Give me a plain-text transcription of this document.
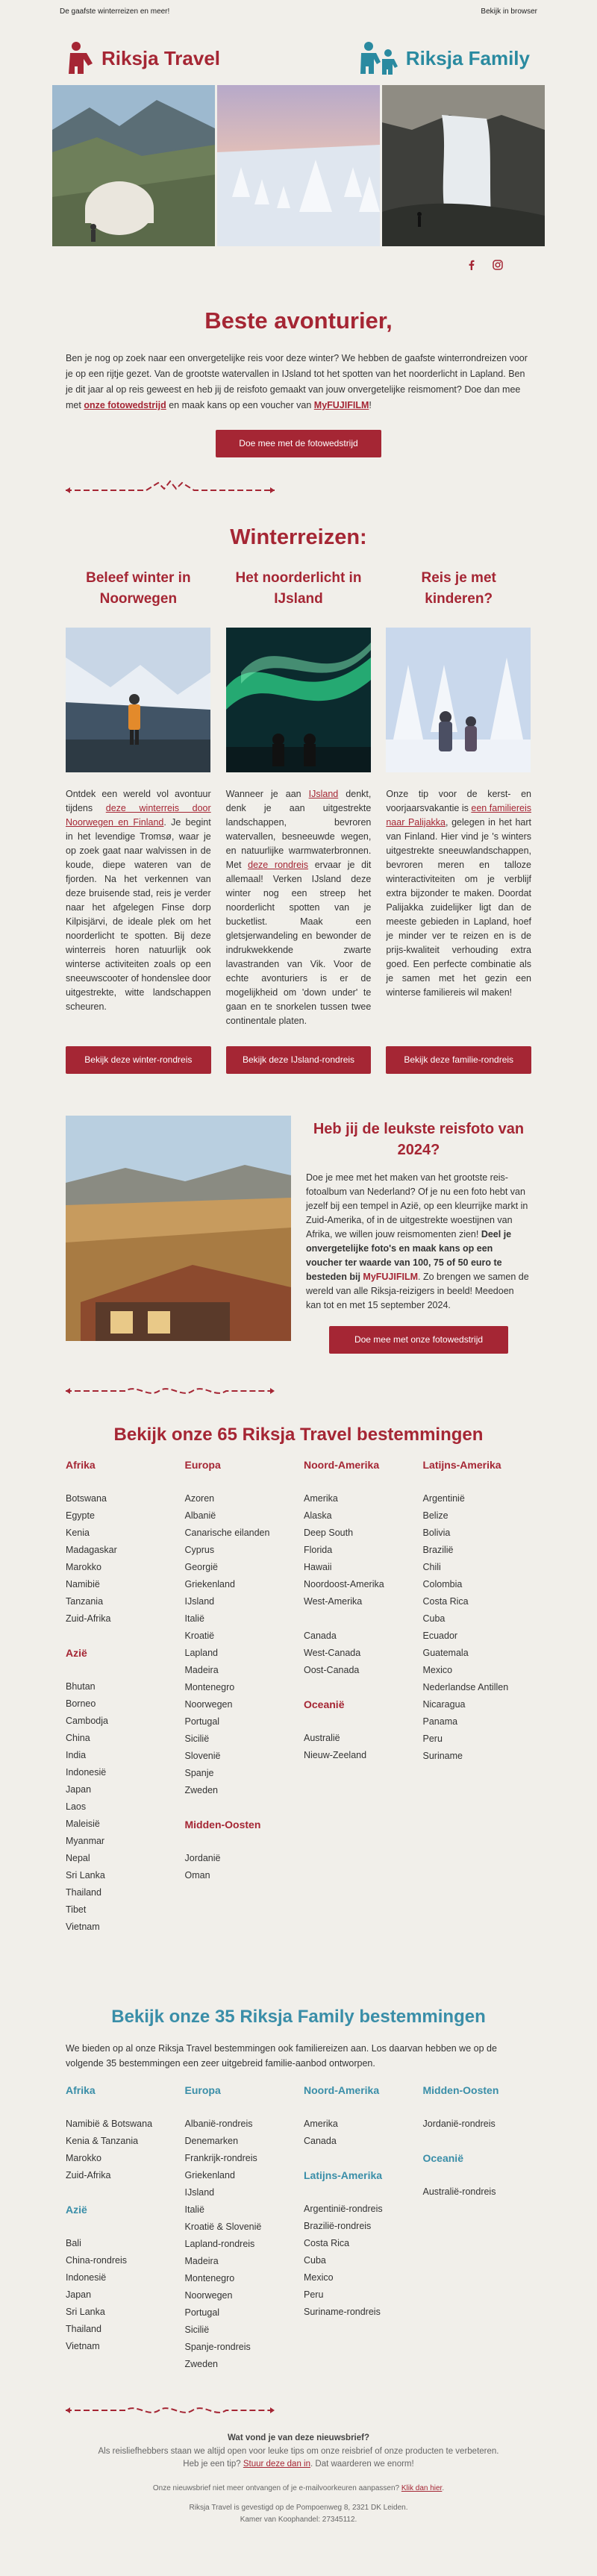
De gaafste winterreizen en meer!	Bekijk in browser
Riksja Travel	Riksja Family
Beste avonturier,

Ben je nog op zoek naar een onvergetelijke reis voor deze winter? We hebben de gaafste winterrondreizen voor je op een rijtje gezet. Van de grootste watervallen in IJsland tot het spotten van het noorderlicht in Lapland. Ben je dit jaar al op reis geweest en heb jij de reisfoto gemaakt van jouw onvergetelijke reismoment? Doe dan mee met onze fotowedstrijd en maak kans op een voucher van MyFUJIFILM!

Doe mee met de fotowedstrijd
Winterreizen:
Beleef winter in Noorwegen

Ontdek een wereld vol avontuur tijdens deze winterreis door Noorwegen en Finland. Je begint in het levendige Tromsø, waar je op zoek gaat naar walvissen in de koude, diepe wateren van de fjorden. Na het verkennen van deze bruisende stad, reis je verder naar het afgelegen Finse dorp Kilpisjärvi, de ideale plek om het noorderlicht te spotten. Bij deze winterreis horen natuurlijk ook winterse activiteiten zoals op een sneeuwscooter of hondenslee door uitgestrekte, witte landschappen scheuren.

Bekijk deze winter-rondreis
Het noorderlicht in IJsland

Wanneer je aan IJsland denkt, denk je aan uitgestrekte landschappen, bevroren watervallen, besneeuwde wegen, en natuurlijke warmwaterbronnen. Met deze rondreis ervaar je dit allemaal! Verken IJsland deze winter nog een streep het noorderlicht spotten van je bucketlist. Maak een gletsjerwandeling en bewonder de indrukwekkende zwarte lavastranden van Vik. Voor de echte avonturiers is er de mogelijkheid om 'down under' te gaan en te snorkelen tussen twee continentale platen.

Bekijk deze IJsland-rondreis
Reis je met kinderen?

Onze tip voor de kerst- en voorjaarsvakantie is een familiereis naar Palijakka, gelegen in het hart van Finland. Hier vind je 's winters uitgestrekte sneeuwlandschappen, bevroren meren en talloze winteractiviteiten om je verblijf extra bijzonder te maken. Doordat Palijakka zuidelijker ligt dan de meeste gebieden in Lapland, hoef je minder ver te reizen en is de prijs-kwaliteit verhouding extra goed. Een perfecte combinatie als je samen met het gezin een winterse familiereis wil maken!

Bekijk deze familie-rondreis
Heb jij de leukste reisfoto van 2024?

Doe je mee met het maken van het grootste reis-fotoalbum van Nederland? Of je nu een foto hebt van jezelf bij een tempel in Azië, op een kleurrijke markt in Zuid-Amerika, of in de uitgestrekte woestijnen van Afrika, we willen jouw reismomenten zien! Deel je onvergetelijke foto's en maak kans op een voucher ter waarde van 100, 75 of 50 euro te besteden bij MyFUJIFILM. Zo brengen we samen de wereld van alle Riksja-reizigers in beeld! Meedoen kan tot en met 15 september 2024.

Doe mee met onze fotowedstrijd
Bekijk onze 65 Riksja Travel bestemmingen
Afrika
Botswana
Egypte
Kenia
Madagaskar
Marokko
Namibië
Tanzania
Zuid-Afrika
Azië
Bhutan
Borneo
Cambodja
China
India
Indonesië
Japan
Laos
Maleisië
Myanmar
Nepal
Sri Lanka
Thailand
Tibet
Vietnam
Europa
Azoren
Albanië
Canarische eilanden
Cyprus
Georgië
Griekenland
IJsland
Italië
Kroatië
Lapland
Madeira
Montenegro
Noorwegen
Portugal
Sicilië
Slovenië
Spanje
Zweden
Midden-Oosten
Jordanië
Oman
Noord-Amerika
Amerika
Alaska
Deep South
Florida
Hawaii
Noordoost-Amerika
West-Amerika

Canada
West-Canada
Oost-Canada
Oceanië
Australië
Nieuw-Zeeland
Latijns-Amerika
Argentinië
Belize
Bolivia
Brazilië
Chili
Colombia
Costa Rica
Cuba
Ecuador
Guatemala
Mexico
Nederlandse Antillen
Nicaragua
Panama
Peru
Suriname
Bekijk onze 35 Riksja Family bestemmingen

We bieden op al onze Riksja Travel bestemmingen ook familiereizen aan. Los daarvan hebben we op de volgende 35 bestemmingen een zeer uitgebreid familie-aanbod ontworpen.

Afrika
Namibië & Botswana
Kenia & Tanzania
Marokko
Zuid-Afrika
Azië
Bali
China-rondreis
Indonesië
Japan
Sri Lanka
Thailand
Vietnam
Europa
Albanië-rondreis
Denemarken
Frankrijk-rondreis
Griekenland
IJsland
Italië
Kroatië & Slovenië
Lapland-rondreis
Madeira
Montenegro
Noorwegen
Portugal
Sicilië
Spanje-rondreis
Zweden
Noord-Amerika
Amerika
Canada
Latijns-Amerika
Argentinië-rondreis
Brazilië-rondreis
Costa Rica
Cuba
Mexico
Peru
Suriname-rondreis
Midden-Oosten
Jordanië-rondreis
Oceanië
Australië-rondreis
Wat vond je van deze nieuwsbrief?
Als reisliefhebbers staan we altijd open voor leuke tips om onze reisbrief of onze producten te verbeteren.
Heb je een tip? Stuur deze dan in. Dat waarderen we enorm!
Onze nieuwsbrief niet meer ontvangen of je e-mailvoorkeuren aanpassen? Klik dan hier.
Riksja Travel is gevestigd op de Pompoenweg 8, 2321 DK Leiden.
Kamer van Koophandel: 27345112.
